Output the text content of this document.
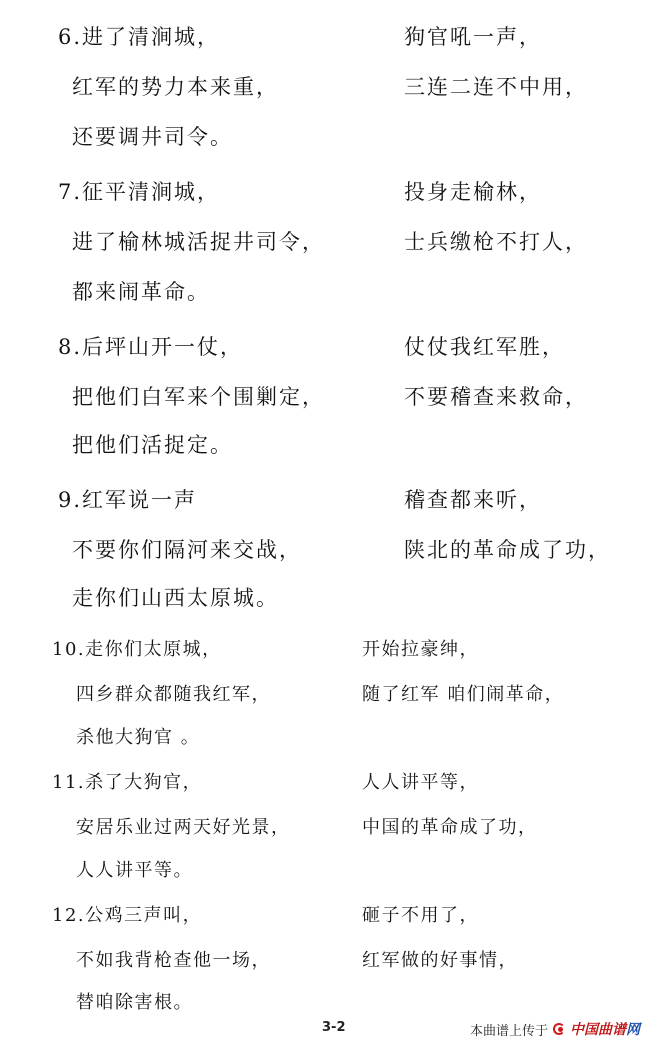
6.进了清涧城，
红军的势力本来重，
还要调井司令。
狗官吼一声，
三连二连不中用，
7.征平清涧城，
进了榆林城活捉井司令，
都来闹革命。
投身走榆林，
士兵缴枪不打人，
8.后坪山开一仗，
把他们白军来个围剿定，
把他们活捉定。
仗仗我红军胜，
不要稽查来救命，
9.红军说一声
不要你们隔河来交战，
走你们山西太原城。
稽查都来听，
陕北的革命成了功，
10.走你们太原城，
四乡群众都随我红军，
杀他大狗官 。
开始拉豪绅，
随了红军 咱们闹革命，
11.杀了大狗官，
安居乐业过两天好光景，
人人讲平等。
人人讲平等，
中国的革命成了功，
12.公鸡三声叫，
不如我背枪查他一场，
替咱除害根。
砸子不用了，
红军做的好事情，
3-2	本曲谱上传于 中国曲谱网
